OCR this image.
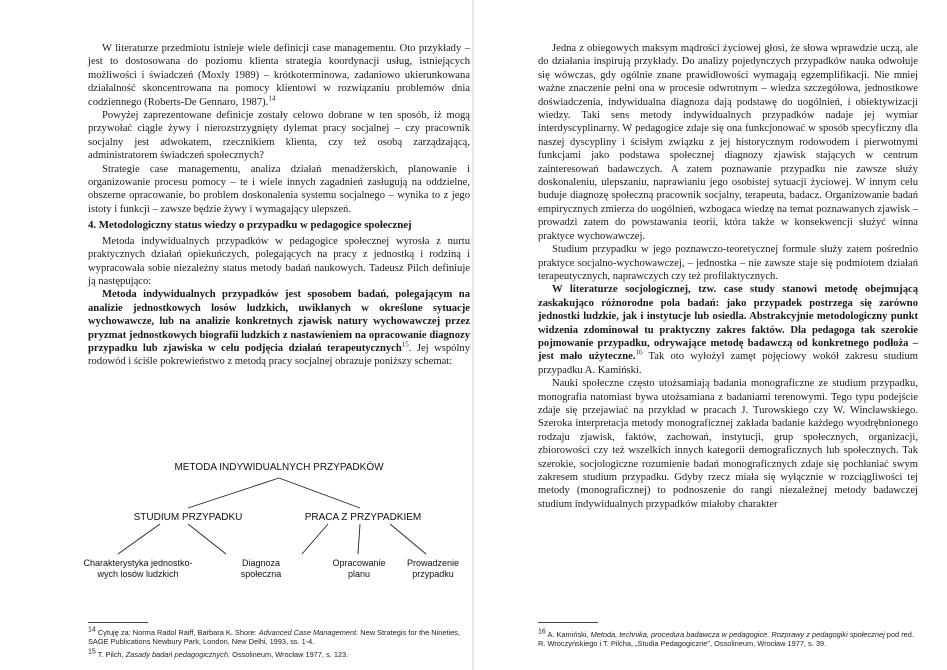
W literaturze przedmiotu istnieje wiele definicji case managementu. Oto przykłady – jest to dostosowana do poziomu klienta strategia koordynacji usług, istniejących możliwości i świadczeń (Moxly 1989) – krótkoterminowa, zadaniowo ukierunkowana działalność skoncentrowana na pomocy klientowi w rozwiązaniu problemów dnia codziennego (Roberts-De Gennaro, 1987).$^{14}$

Powyżej zaprezentowane definicje zostały celowo dobrane w ten sposób, iż mogą przywołać ciągle żywy i nierozstrzygnięty dylemat pracy socjalnej – czy pracownik socjalny jest adwokatem, rzecznikiem klienta, czy też osobą zarządzającą, administratorem świadczeń społecznych?

Strategie case managementu, analiza działań menadżerskich, planowanie i organizowanie procesu pomocy – te i wiele innych zagadnień zasługują na oddzielne, obszerne opracowanie, bo problem doskonalenia systemu socjalnego – wynika to z jego istoty i funkcji – zawsze będzie żywy i wymagający ulepszeń.

4. Metodologiczny status wiedzy o przypadku w pedagogice społecznej

Metoda indywidualnych przypadków w pedagogice społecznej wyrosła z nurtu praktycznych działań opiekuńczych, polegających na pracy z jednostką i rodziną i wypracowała sobie niezależny status metody badań naukowych. Tadeusz Pilch definiuje ją następująco:

Metoda indywidualnych przypadków jest sposobem badań, polegającym na analizie jednostkowych losów ludzkich, uwikłanych w określone sytuacje wychowawcze, lub na analizie konkretnych zjawisk natury wychowawczej przez pryzmat jednostkowych biografii ludzkich z nastawieniem na opracowanie diagnozy przypadku lub zjawiska w celu podjęcia działań terapeutycznych$^{15}$. Jej wspólny rodowód i ściśle pokrewieństwo z metodą pracy socjalnej obrazuje poniższy schemat:

METODA INDYWIDUALNYCH PRZYPADKÓW
STUDIUM PRZYPADKU	PRACA Z PRZYPADKIEM
Charakterystyka jednostko-
wych losów ludzkich
Diagnoza
społeczna
Opracowanie
planu
Prowadzenie
przypadku
$^{14}$ Cytuję za: Norma Radol Raiff, Barbara K. Shore: Advanced Case Management. New Strategis for the Nineties, SAGE Publications Newbury Park, London, New Delhi, 1993, ss. 1-4.
$^{15}$ T. Pilch, Zasady badań pedagogicznych. Ossolineum, Wrocław 1977, s. 123.

Jedna z obiegowych maksym mądrości życiowej głosi, że słowa wprawdzie uczą, ale do działania inspirują przykłady. Do analizy pojedynczych przypadków nauka odwołuje się wówczas, gdy ogólnie znane prawidłowości wymagają egzemplifikacji. Nie mniej ważne znaczenie pełni ona w procesie odwrotnym – wiedza szczegółowa, jednostkowe doświadczenia, indywidualna diagnoza dają podstawę do uogólnień, i obiektywizacji wiedzy. Taki sens metody indywidualnych przypadków nadaje jej wymiar interdyscyplinarny. W pedagogice zdaje się ona funkcjonować w sposób specyficzny dla naszej dyscypliny i ścisłym związku z jej historycznym rodowodem i pierwotnymi funkcjami jako podstawa społecznej diagnozy zjawisk stających w centrum zainteresowań badawczych. A zatem poznawanie przypadku nie zawsze służy doskonaleniu, ulepszaniu, naprawianiu jego osobistej sytuacji życiowej. W innym celu buduje diagnozę społeczną pracownik socjalny, terapeuta, badacz. Organizowanie badań empirycznych zmierza do uogólnień, wzbogaca wiedzę na temat poznawanych zjawisk – prowadzi zatem do powstawania teorii, która także w konsekwencji służyć winna praktyce wychowawczej.

Studium przypadku w jego poznawczo-teoretycznej formule służy zatem pośrednio praktyce socjalno-wychowawczej, – jednostka – nie zawsze staje się podmiotem działań terapeutycznych, naprawczych czy też profilaktycznych.

W literaturze socjologicznej, tzw. case study stanowi metodę obejmującą zaskakująco różnorodne pola badań: jako przypadek postrzega się zarówno jednostki ludzkie, jak i instytucje lub osiedla. Abstrakcyjnie metodologiczny punkt widzenia zdominował tu praktyczny zakres faktów. Dla pedagoga tak szerokie pojmowanie przypadku, odrywające metodę badawczą od konkretnego podłoża – jest mało użyteczne.$^{16}$ Tak oto wyłożył zamęt pojęciowy wokół zakresu studium przypadku A. Kamiński.

Nauki społeczne często utożsamiają badania monograficzne ze studium przypadku, monografia natomiast bywa utożsamiana z badaniami terenowymi. Tego typu podejście zdaje się przejawiać na przykład w pracach J. Turowskiego czy W. Wincławskiego. Szeroka interpretacja metody monograficznej zakłada badanie każdego wyodrębnionego rodzaju zjawisk, faktów, zachowań, instytucji, grup społecznych, organizacji, zbiorowości czy też wszelkich innych kategorii demograficznych lub społecznych. Tak szerokie, socjologiczne rozumienie badań monograficznych zdaje się pochłaniać swym zakresem studium przypadku. Gdyby rzecz miała się wyłącznie w rozciągliwości tej metody (monograficznej) to podnoszenie do rangi niezależnej metody badawczej studium indywidualnych przypadków miałoby charakter

$^{16}$ A. Kamiński, Metoda, technika, procedura badawcza w pedagogice. Rozprawy z pedagogiki społecznej pod red. R. Wroczyńskiego i T. Pilcha, „Studia Pedagogiczne", Ossolineum, Wrocław 1977, s. 39.
